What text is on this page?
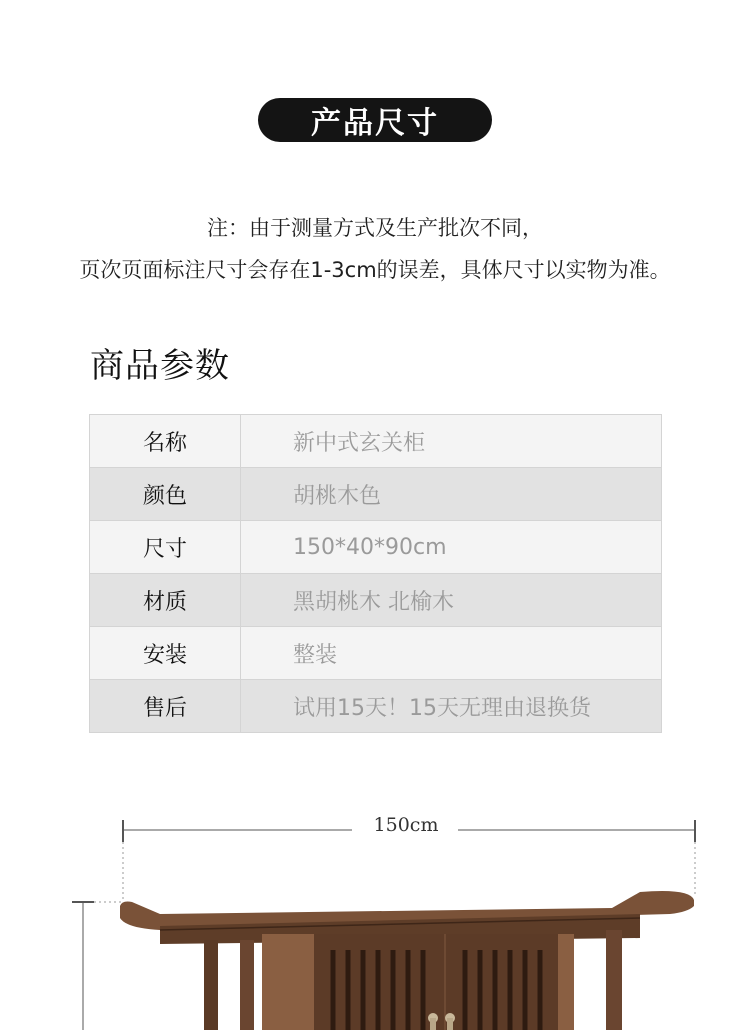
产品尺寸
注：由于测量方式及生产批次不同，
页次页面标注尺寸会存在1-3cm的误差，具体尺寸以实物为准。
商品参数
名称	新中式玄关柜
颜色	胡桃木色
尺寸	150*40*90cm
材质	黑胡桃木 北榆木
安装	整装
售后	试用15天！15天无理由退换货
150cm
